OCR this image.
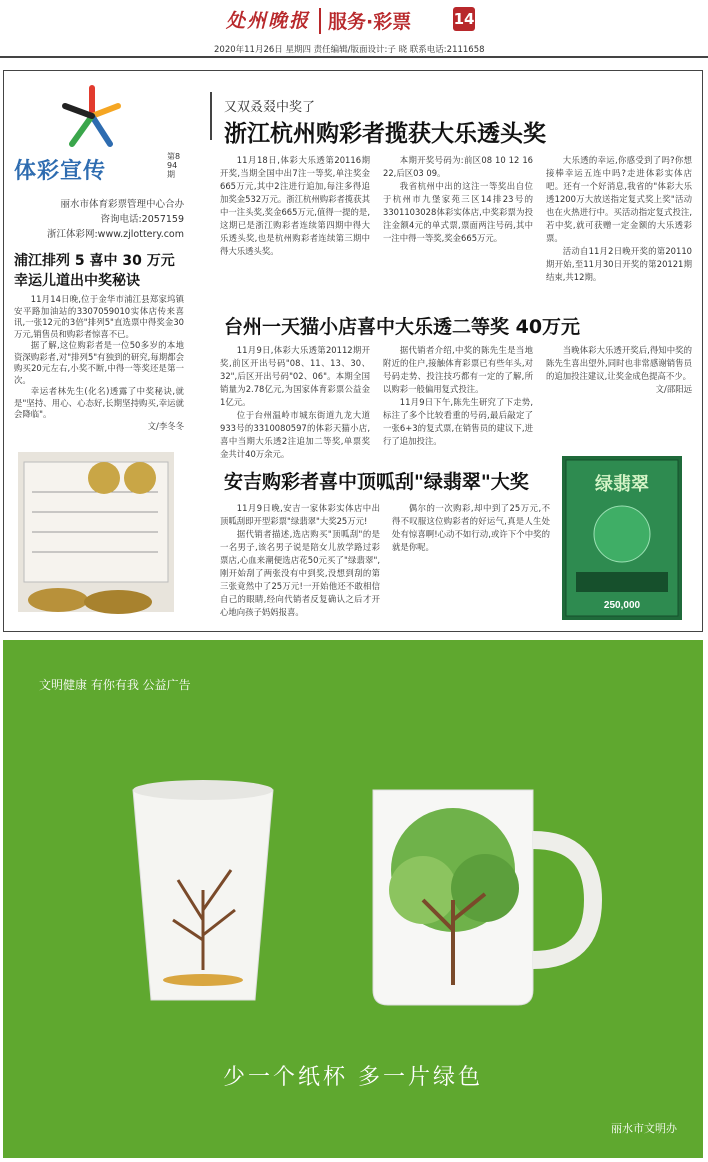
处州晚报 服务·彩票	14
2020年11月26日 星期四 责任编辑/版面设计:子 晓 联系电话:2111658
体彩宣传
第894期
丽水市体育彩票管理中心合办
咨询电话:2057159
浙江体彩网:www.zjlottery.com
浦江排列 5 喜中 30 万元
幸运儿道出中奖秘诀

11月14日晚,位于金华市浦江县郑家坞镇安平路加油站的3307059010实体店传来喜讯,一张12元的3倍"排列5"直选票中得奖金30万元,销售员和购彩者惊喜不已。

据了解,这位购彩者是一位50多岁的本地资深购彩者,对"排列5"有独到的研究,每期都会购买20元左右,小奖不断,中得一等奖还是第一次。

幸运者林先生(化名)透露了中奖秘诀,就是"坚持、用心、心态好,长期坚持购买,幸运就会降临"。

文/李冬冬
又双叒叕中奖了
浙江杭州购彩者揽获大乐透头奖

11月18日,体彩大乐透第20116期开奖,当期全国中出7注一等奖,单注奖金665万元,其中2注进行追加,每注多得追加奖金532万元。浙江杭州购彩者揽获其中一注头奖,奖金665万元,值得一提的是,这期已是浙江购彩者连续第四期中得大乐透头奖,也是杭州购彩者连续第三期中得大乐透头奖。

本期开奖号码为:前区08 10 12 16 22,后区03 09。

我省杭州中出的这注一等奖出自位于杭州市九堡家苑三区14排23号的3301103028体彩实体店,中奖彩票为投注金额4元的单式票,票面两注号码,其中一注中得一等奖,奖金665万元。

大乐透的幸运,你感受到了吗?你想接棒幸运五连中吗?走进体彩实体店吧。还有一个好消息,我省的"体彩大乐透1200万大放送指定复式奖上奖"活动也在火热进行中。买活动指定复式投注,若中奖,就可获赠一定金额的大乐透彩票。

活动自11月2日晚开奖的第20110期开始,至11月30日开奖的第20121期结束,共12期。

台州一天猫小店喜中大乐透二等奖 40万元

11月9日,体彩大乐透第20112期开奖,前区开出号码"08、11、13、30、32",后区开出号码"02、06"。本期全国销量为2.78亿元,为国家体育彩票公益金1亿元。

位于台州温岭市城东街道九龙大道933号的3310080597的体彩天猫小店,喜中当期大乐透2注追加二等奖,单票奖金共计40万余元。

据代销者介绍,中奖的陈先生是当地附近的住户,接触体育彩票已有些年头,对号码走势、投注技巧都有一定的了解,所以购彩一般偏用复式投注。

11月9日下午,陈先生研究了下走势,标注了多个比较看重的号码,最后敲定了一张6+3的复式票,在销售员的建议下,进行了追加投注。

当晚体彩大乐透开奖后,得知中奖的陈先生喜出望外,同时也非常感谢销售员的追加投注建议,让奖金成色提高不少。

文/邵阳远
安吉购彩者喜中顶呱刮"绿翡翠"大奖

11月9日晚,安吉一家体彩实体店中出顶呱刮即开型彩票"绿翡翠"大奖25万元!

据代销者描述,选店购买"顶呱刮"的是一名男子,该名男子说是陪女儿放学路过彩票店,心血来潮便选店花50元买了"绿翡翠",刚开始刮了两张没有中到奖,没想到刮的第三张竟然中了25万元!一开始他还不敢相信自己的眼睛,经向代销者反复确认之后才开心地向孩子妈妈报喜。

偶尔的一次购彩,却中到了25万元,不得不叹服这位购彩者的好运气,真是人生处处有惊喜啊!心动不如行动,或许下个中奖的就是你呢。

绿翡翠
250,000
文明健康 有你有我 公益广告
少一个纸杯 多一片绿色
丽水市文明办
